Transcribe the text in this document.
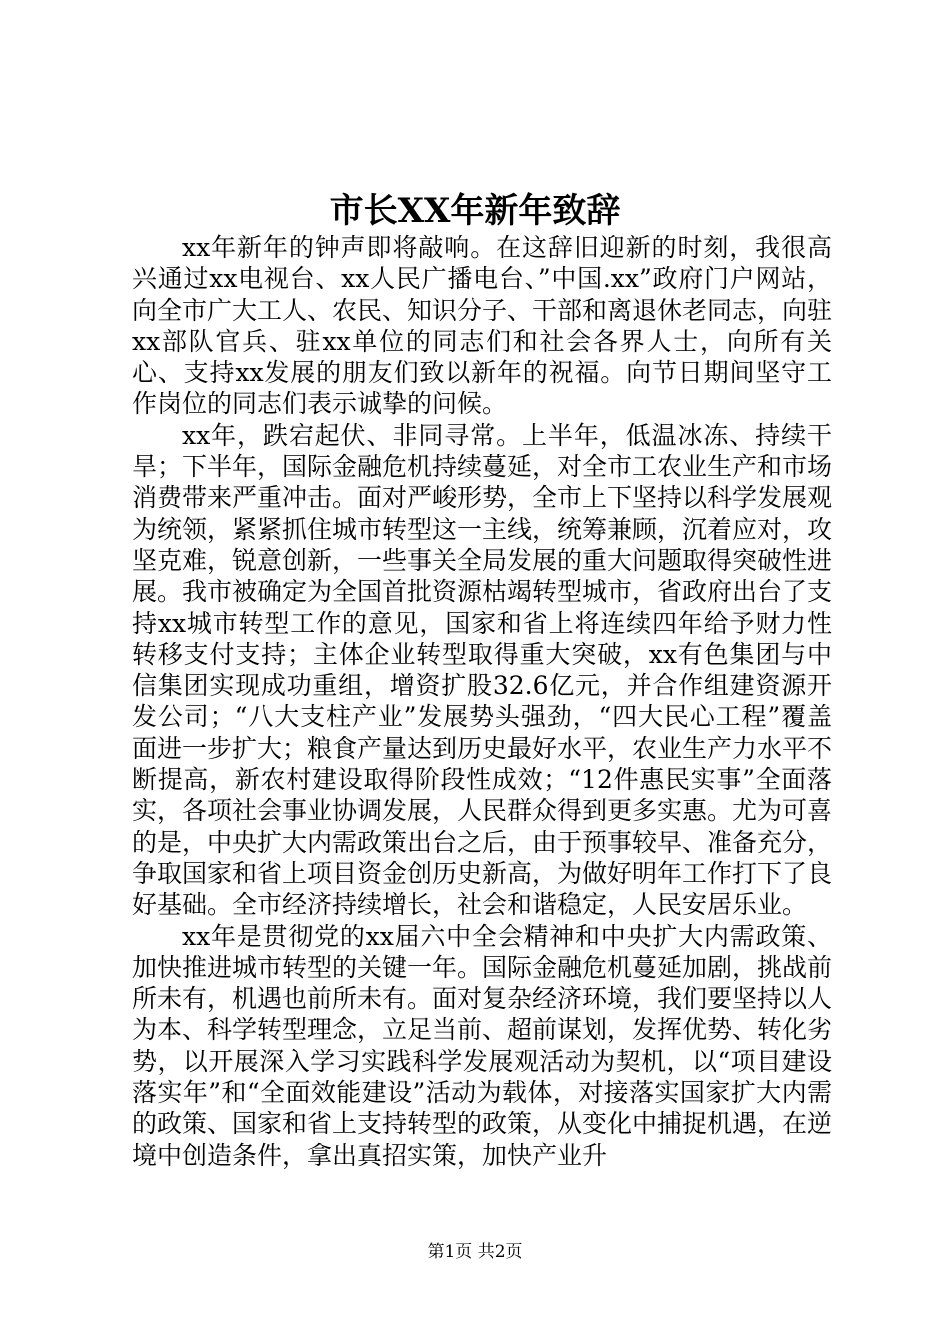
市长XX年新年致辞

xx年新年的钟声即将敲响。在这辞旧迎新的时刻，我很高兴通过xx电视台、xx人民广播电台、”中国.xx”政府门户网站，向全市广大工人、农民、知识分子、干部和离退休老同志，向驻xx部队官兵、驻xx单位的同志们和社会各界人士，向所有关心、支持xx发展的朋友们致以新年的祝福。向节日期间坚守工作岗位的同志们表示诚挚的问候。

xx年，跌宕起伏、非同寻常。上半年，低温冰冻、持续干旱；下半年，国际金融危机持续蔓延，对全市工农业生产和市场消费带来严重冲击。面对严峻形势，全市上下坚持以科学发展观为统领，紧紧抓住城市转型这一主线，统筹兼顾，沉着应对，攻坚克难，锐意创新，一些事关全局发展的重大问题取得突破性进展。我市被确定为全国首批资源枯竭转型城市，省政府出台了支持xx城市转型工作的意见，国家和省上将连续四年给予财力性转移支付支持；主体企业转型取得重大突破，xx有色集团与中信集团实现成功重组，增资扩股32.6亿元，并合作组建资源开发公司；“八大支柱产业”发展势头强劲，“四大民心工程”覆盖面进一步扩大；粮食产量达到历史最好水平，农业生产力水平不断提高，新农村建设取得阶段性成效；“12件惠民实事”全面落实，各项社会事业协调发展，人民群众得到更多实惠。尤为可喜的是，中央扩大内需政策出台之后，由于预事较早、准备充分，争取国家和省上项目资金创历史新高，为做好明年工作打下了良好基础。全市经济持续增长，社会和谐稳定，人民安居乐业。

xx年是贯彻党的xx届六中全会精神和中央扩大内需政策、加快推进城市转型的关键一年。国际金融危机蔓延加剧，挑战前所未有，机遇也前所未有。面对复杂经济环境，我们要坚持以人为本、科学转型理念，立足当前、超前谋划，发挥优势、转化劣势，以开展深入学习实践科学发展观活动为契机，以“项目建设落实年”和“全面效能建设”活动为载体，对接落实国家扩大内需的政策、国家和省上支持转型的政策，从变化中捕捉机遇，在逆境中创造条件，拿出真招实策，加快产业升

第1页 共2页
